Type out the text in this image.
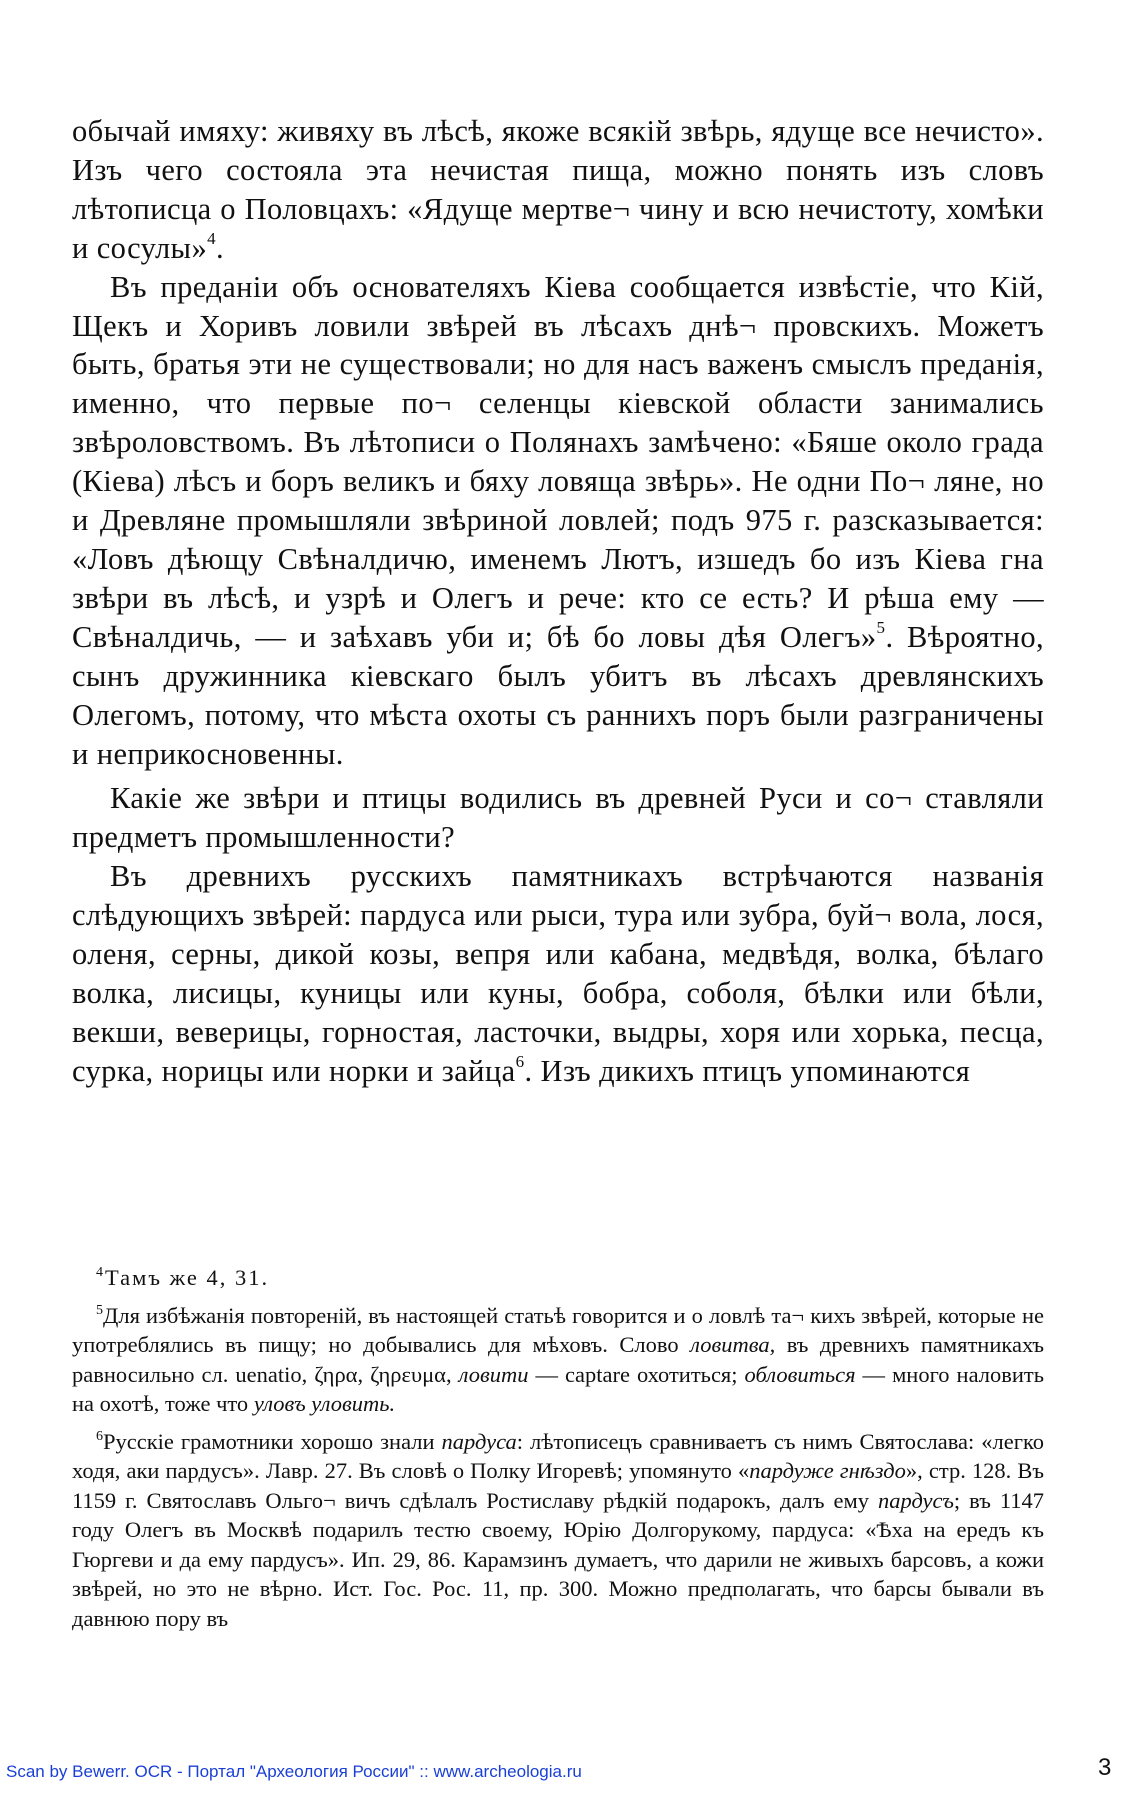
обычай имяху: живяху въ лѣсѣ, якоже всякій звѣрь, ядуще все нечисто». Изъ чего состояла эта нечистая пища, можно понять изъ словъ лѣтописца о Половцахъ: «Ядуще мертве¬ чину и всю нечистоту, хомѣки и сосулы»$^4$.

Въ преданіи объ основателяхъ Кіева сообщается извѣстіе, что Кій, Щекъ и Хоривъ ловили звѣрей въ лѣсахъ днѣ¬ провскихъ. Можетъ быть, братья эти не существовали; но для насъ важенъ смыслъ преданія, именно, что первые по¬ селенцы кіевской области занимались звѣроловствомъ. Въ лѣтописи о Полянахъ замѣчено: «Бяше около града (Кіева) лѣсъ и боръ великъ и бяху ловяща звѣрь». Не одни По¬ ляне, но и Древляне промышляли звѣриной ловлей; подъ 975 г. разсказывается: «Ловъ дѣющу Свѣналдичю, именемъ Лютъ, изшедъ бо изъ Кіева гна звѣри въ лѣсѣ, и узрѣ и Олегъ и рече: кто се есть? И рѣша ему — Свѣналдичь, — и заѣхавъ уби и; бѣ бо ловы дѣя Олегъ»$^5$. Вѣроятно, сынъ дружинника кіевскаго былъ убитъ въ лѣсахъ древлянскихъ Олегомъ, потому, что мѣста охоты съ раннихъ поръ были разграничены и неприкосновенны.

Какіе же звѣри и птицы водились въ древней Руси и со¬ ставляли предметъ промышленности?

Въ древнихъ русскихъ памятникахъ встрѣчаются названія слѣдующихъ звѣрей: пардуса или рыси, тура или зубра, буй¬ вола, лося, оленя, серны, дикой козы, вепря или кабана, медвѣдя, волка, бѣлаго волка, лисицы, куницы или куны, бобра, соболя, бѣлки или бѣли, векши, веверицы, горностая, ласточки, выдры, хоря или хорька, песца, сурка, норицы или норки и зайца$^6$. Изъ дикихъ птицъ упоминаются

$^4$Тамъ же 4, 31.

$^5$Для избѣжанія повтореній, въ настоящей статьѣ говорится и о ловлѣ та¬ кихъ звѣрей, которые не употреблялись въ пищу; но добывались для мѣховъ. Слово ловитва, въ древнихъ памятникахъ равносильно сл. uenatio, ζηρα, ζηρευμα, ловити — captare охотиться; обловиться — много наловить на охотѣ, тоже что уловъ уловить.

$^6$Русскіе грамотники хорошо знали пардуса: лѣтописецъ сравниваетъ съ нимъ Святослава: «легко ходя, аки пардусъ». Лавр. 27. Въ словѣ о Полку Игоревѣ; упомянуто «пардуже гнѣздо», стр. 128. Въ 1159 г. Святославъ Ольго¬ вичъ сдѣлалъ Ростиславу рѣдкій подарокъ, далъ ему пардусъ; въ 1147 году Олегъ въ Москвѣ подарилъ тестю своему, Юрію Долгорукому, пардуса: «Ѣха на ередъ къ Гюргеви и да ему пардусъ». Ип. 29, 86. Карамзинъ думаетъ, что дарили не живыхъ барсовъ, а кожи звѣрей, но это не вѣрно. Ист. Гос. Рос. 11, пр. 300. Можно предполагать, что барсы бывали въ давнюю пору въ

Scan by Bewerr. OCR - Портал "Археология России" :: www.archeologia.ru	3
